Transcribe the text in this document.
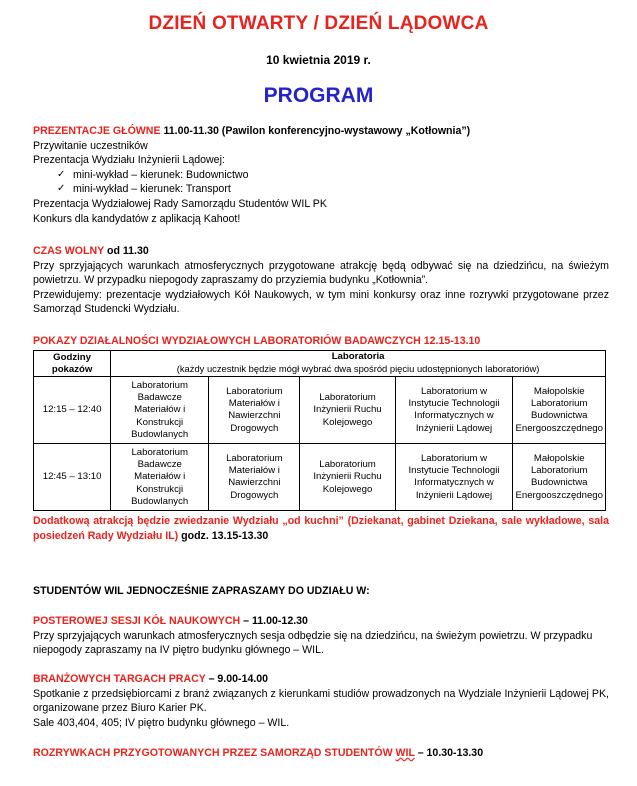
DZIEŃ OTWARTY / DZIEŃ LĄDOWCA
10 kwietnia 2019 r.
PROGRAM
PREZENTACJE GŁÓWNE 11.00-11.30 (Pawilon konferencyjno-wystawowy „Kotłownia”)
Przywitanie uczestników
Prezentacja Wydziału Inżynierii Lądowej:
✓ mini-wykład – kierunek: Budownictwo
✓ mini-wykład – kierunek: Transport
Prezentacja Wydziałowej Rady Samorządu Studentów WIL PK
Konkurs dla kandydatów z aplikacją Kahoot!
CZAS WOLNY od 11.30
Przy sprzyjających warunkach atmosferycznych przygotowane atrakcję będą odbywać się na dziedzińcu, na świeżym powietrzu. W przypadku niepogody zapraszamy do przyziemia budynku „Kotłownia”.
Przewidujemy: prezentacje wydziałowych Kół Naukowych, w tym mini konkursy oraz inne rozrywki przygotowane przez Samorząd Studencki Wydziału.
POKAZY DZIAŁALNOŚCI WYDZIAŁOWYCH LABORATORIÓW BADAWCZYCH 12.15-13.10
Godziny
pokazów	Laboratoria
(każdy uczestnik będzie mógł wybrać dwa spośród pięciu udostępnionych laboratoriów)				
12:15 – 12:40	Laboratorium
Badawcze
Materiałów i
Konstrukcji
Budowlanych	Laboratorium
Materiałów i
Nawierzchni
Drogowych	Laboratorium
Inżynierii Ruchu
Kolejowego	Laboratorium w
Instytucie Technologii
Informatycznych w
Inżynierii Lądowej	Małopolskie
Laboratorium
Budownictwa
Energooszczędnego
12:45 – 13:10	Laboratorium
Badawcze
Materiałów i
Konstrukcji
Budowlanych	Laboratorium
Materiałów i
Nawierzchni
Drogowych	Laboratorium
Inżynierii Ruchu
Kolejowego	Laboratorium w
Instytucie Technologii
Informatycznych w
Inżynierii Lądowej	Małopolskie
Laboratorium
Budownictwa
Energooszczędnego
Dodatkową atrakcją będzie zwiedzanie Wydziału „od kuchni” (Dziekanat, gabinet Dziekana, sale wykładowe, sala posiedzeń Rady Wydziału IL) godz. 13.15-13.30
STUDENTÓW WIL JEDNOCZEŚNIE ZAPRASZAMY DO UDZIAŁU W:
POSTEROWEJ SESJI KÓŁ NAUKOWYCH – 11.00-12.30
Przy sprzyjających warunkach atmosferycznych sesja odbędzie się na dziedzińcu, na świeżym powietrzu. W przypadku niepogody zapraszamy na IV piętro budynku głównego – WIL.
BRANŻOWYCH TARGACH PRACY – 9.00-14.00
Spotkanie z przedsiębiorcami z branż związanych z kierunkami studiów prowadzonych na Wydziale Inżynierii Lądowej PK, organizowane przez Biuro Karier PK.
Sale 403,404, 405; IV piętro budynku głównego – WIL.
ROZRYWKACH PRZYGOTOWANYCH PRZEZ SAMORZĄD STUDENTÓW WIL – 10.30-13.30
